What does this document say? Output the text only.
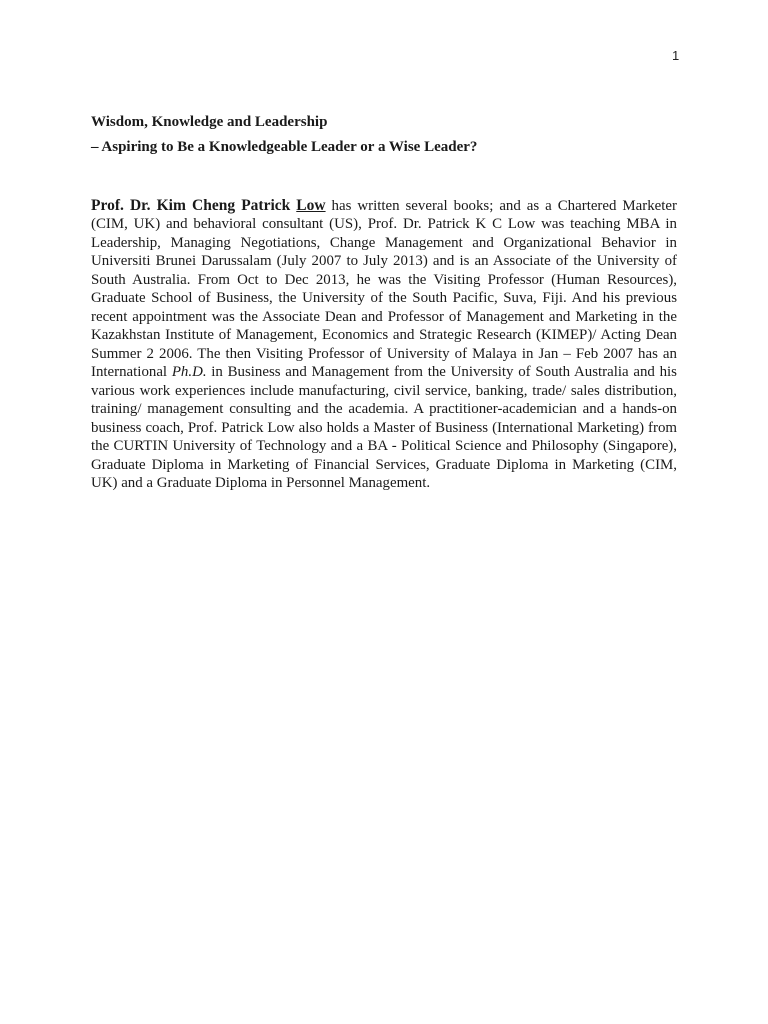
1
Wisdom, Knowledge and Leadership
– Aspiring to Be a Knowledgeable Leader or a Wise Leader?

Prof. Dr. Kim Cheng Patrick Low has written several books; and as a Chartered Marketer (CIM, UK) and behavioral consultant (US), Prof. Dr. Patrick K C Low was teaching MBA in Leadership, Managing Negotiations, Change Management and Organizational Behavior in Universiti Brunei Darussalam (July 2007 to July 2013) and is an Associate of the University of South Australia. From Oct to Dec 2013, he was the Visiting Professor (Human Resources), Graduate School of Business, the University of the South Pacific, Suva, Fiji. And his previous recent appointment was the Associate Dean and Professor of Management and Marketing in the Kazakhstan Institute of Management, Economics and Strategic Research (KIMEP)/ Acting Dean Summer 2 2006. The then Visiting Professor of University of Malaya in Jan – Feb 2007 has an International Ph.D. in Business and Management from the University of South Australia and his various work experiences include manufacturing, civil service, banking, trade/ sales distribution, training/ management consulting and the academia. A practitioner-academician and a hands-on business coach, Prof. Patrick Low also holds a Master of Business (International Marketing) from the CURTIN University of Technology and a BA - Political Science and Philosophy (Singapore), Graduate Diploma in Marketing of Financial Services, Graduate Diploma in Marketing (CIM, UK) and a Graduate Diploma in Personnel Management.
